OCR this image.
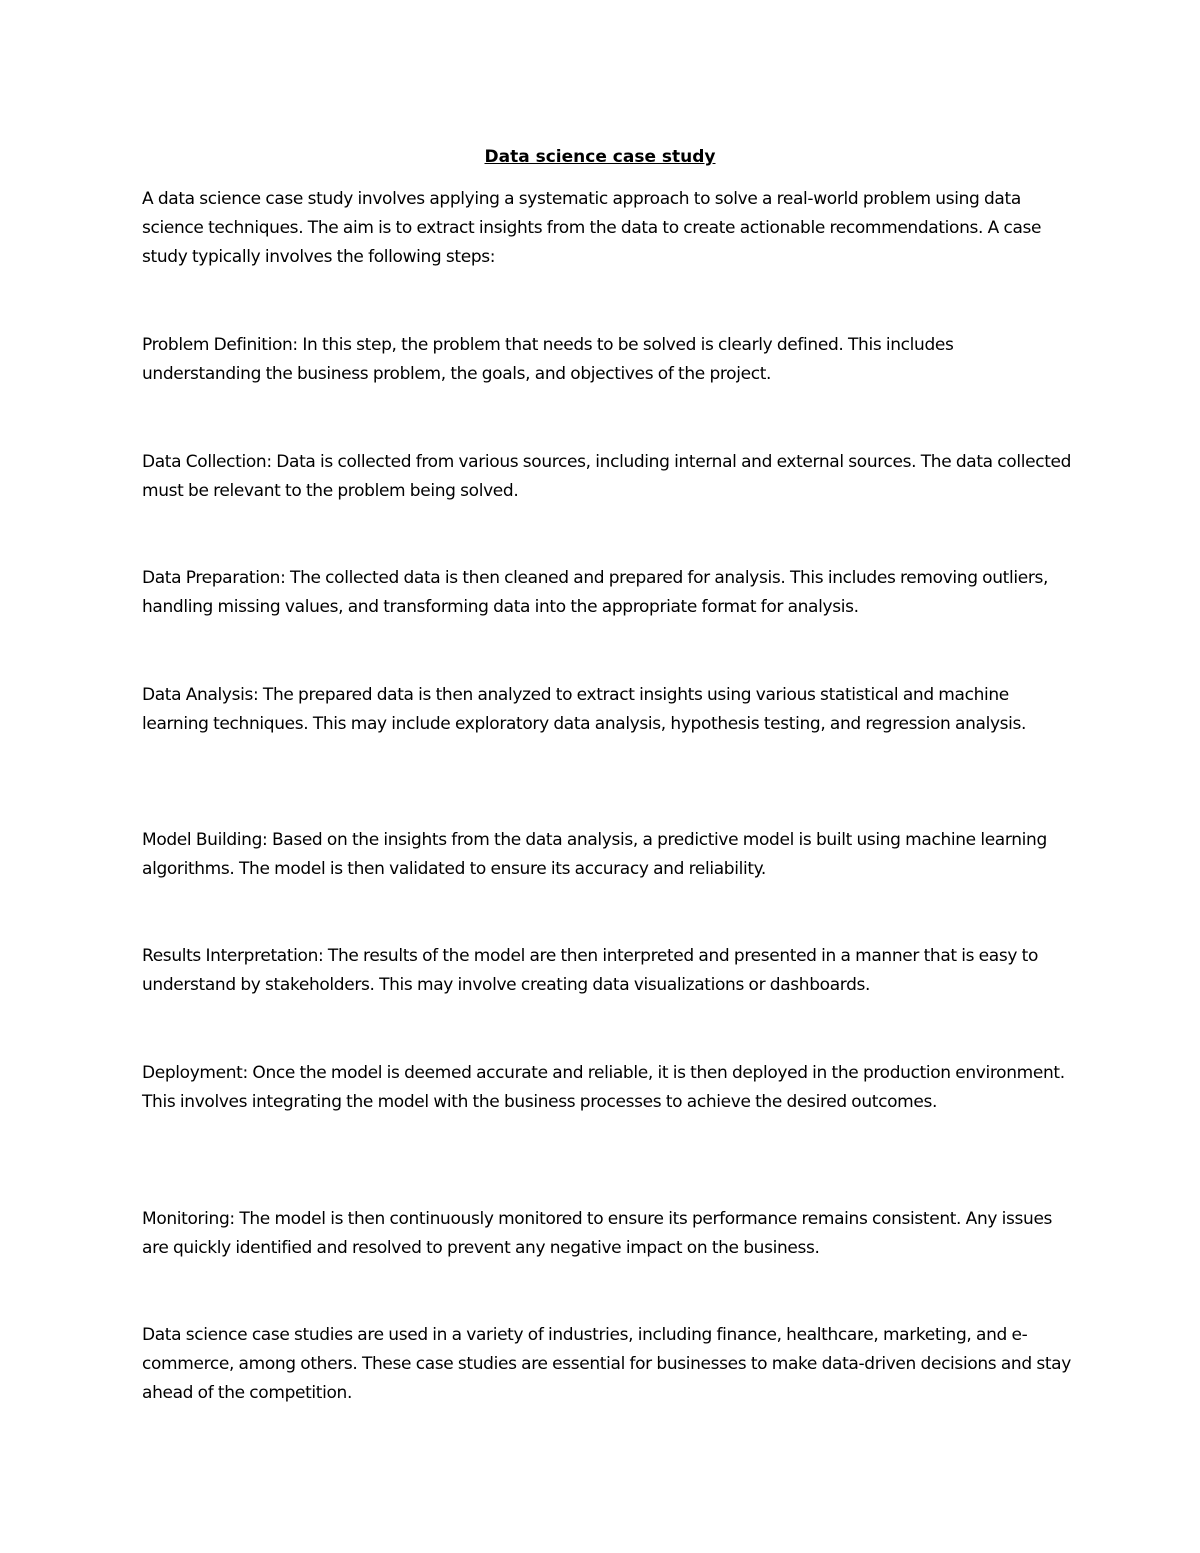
Data science case study

A data science case study involves applying a systematic approach to solve a real-world problem using data science techniques. The aim is to extract insights from the data to create actionable recommendations. A case study typically involves the following steps:

Problem Definition: In this step, the problem that needs to be solved is clearly defined. This includes understanding the business problem, the goals, and objectives of the project.

Data Collection: Data is collected from various sources, including internal and external sources. The data collected must be relevant to the problem being solved.

Data Preparation: The collected data is then cleaned and prepared for analysis. This includes removing outliers, handling missing values, and transforming data into the appropriate format for analysis.

Data Analysis: The prepared data is then analyzed to extract insights using various statistical and machine learning techniques. This may include exploratory data analysis, hypothesis testing, and regression analysis.

Model Building: Based on the insights from the data analysis, a predictive model is built using machine learning algorithms. The model is then validated to ensure its accuracy and reliability.

Results Interpretation: The results of the model are then interpreted and presented in a manner that is easy to understand by stakeholders. This may involve creating data visualizations or dashboards.

Deployment: Once the model is deemed accurate and reliable, it is then deployed in the production environment. This involves integrating the model with the business processes to achieve the desired outcomes.

Monitoring: The model is then continuously monitored to ensure its performance remains consistent. Any issues are quickly identified and resolved to prevent any negative impact on the business.

Data science case studies are used in a variety of industries, including finance, healthcare, marketing, and e-commerce, among others. These case studies are essential for businesses to make data-driven decisions and stay ahead of the competition.
